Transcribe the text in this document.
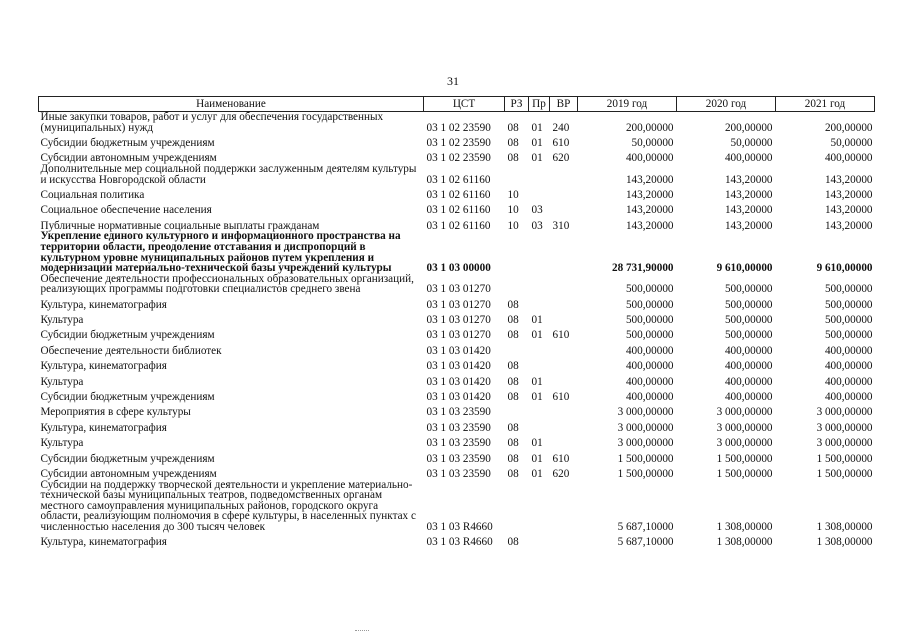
31
Наименование	ЦСТ	РЗ	Пр	ВР	2019 год	2020 год	2021 год
Иные закупки товаров, работ и услуг для обеспечения государственных (муниципальных) нужд	03 1 02 23590	08	01	240	200,00000	200,00000	200,00000
Субсидии бюджетным учреждениям	03 1 02 23590	08	01	610	50,00000	50,00000	50,00000
Субсидии автономным учреждениям	03 1 02 23590	08	01	620	400,00000	400,00000	400,00000
Дополнительные мер социальной поддержки заслуженным деятелям культуры и искусства Новгородской области	03 1 02 61160				143,20000	143,20000	143,20000
Социальная политика	03 1 02 61160	10			143,20000	143,20000	143,20000
Социальное обеспечение населения	03 1 02 61160	10	03		143,20000	143,20000	143,20000
Публичные нормативные социальные выплаты гражданам	03 1 02 61160	10	03	310	143,20000	143,20000	143,20000
Укрепление единого культурного и информационного пространства на территории области, преодоление отставания и диспропорций в культурном уровне муниципальных районов путем укрепления и модернизации материально-технической базы учреждений культуры	03 1 03 00000				28 731,90000	9 610,00000	9 610,00000
Обеспечение деятельности профессиональных образовательных организаций, реализующих программы подготовки специалистов среднего звена	03 1 03 01270				500,00000	500,00000	500,00000
Культура, кинематография	03 1 03 01270	08			500,00000	500,00000	500,00000
Культура	03 1 03 01270	08	01		500,00000	500,00000	500,00000
Субсидии бюджетным учреждениям	03 1 03 01270	08	01	610	500,00000	500,00000	500,00000
Обеспечение деятельности библиотек	03 1 03 01420				400,00000	400,00000	400,00000
Культура, кинематография	03 1 03 01420	08			400,00000	400,00000	400,00000
Культура	03 1 03 01420	08	01		400,00000	400,00000	400,00000
Субсидии бюджетным учреждениям	03 1 03 01420	08	01	610	400,00000	400,00000	400,00000
Мероприятия в сфере культуры	03 1 03 23590				3 000,00000	3 000,00000	3 000,00000
Культура, кинематография	03 1 03 23590	08			3 000,00000	3 000,00000	3 000,00000
Культура	03 1 03 23590	08	01		3 000,00000	3 000,00000	3 000,00000
Субсидии бюджетным учреждениям	03 1 03 23590	08	01	610	1 500,00000	1 500,00000	1 500,00000
Субсидии автономным учреждениям	03 1 03 23590	08	01	620	1 500,00000	1 500,00000	1 500,00000
Субсидии на поддержку творческой деятельности и укрепление материально-технической базы муниципальных театров, подведомственных органам местного самоуправления муниципальных районов, городского округа области, реализующим полномочия в сфере культуры, в населенных пунктах с численностью населения до 300 тысяч человек	03 1 03 R4660				5 687,10000	1 308,00000	1 308,00000
Культура, кинематография	03 1 03 R4660	08			5 687,10000	1 308,00000	1 308,00000
